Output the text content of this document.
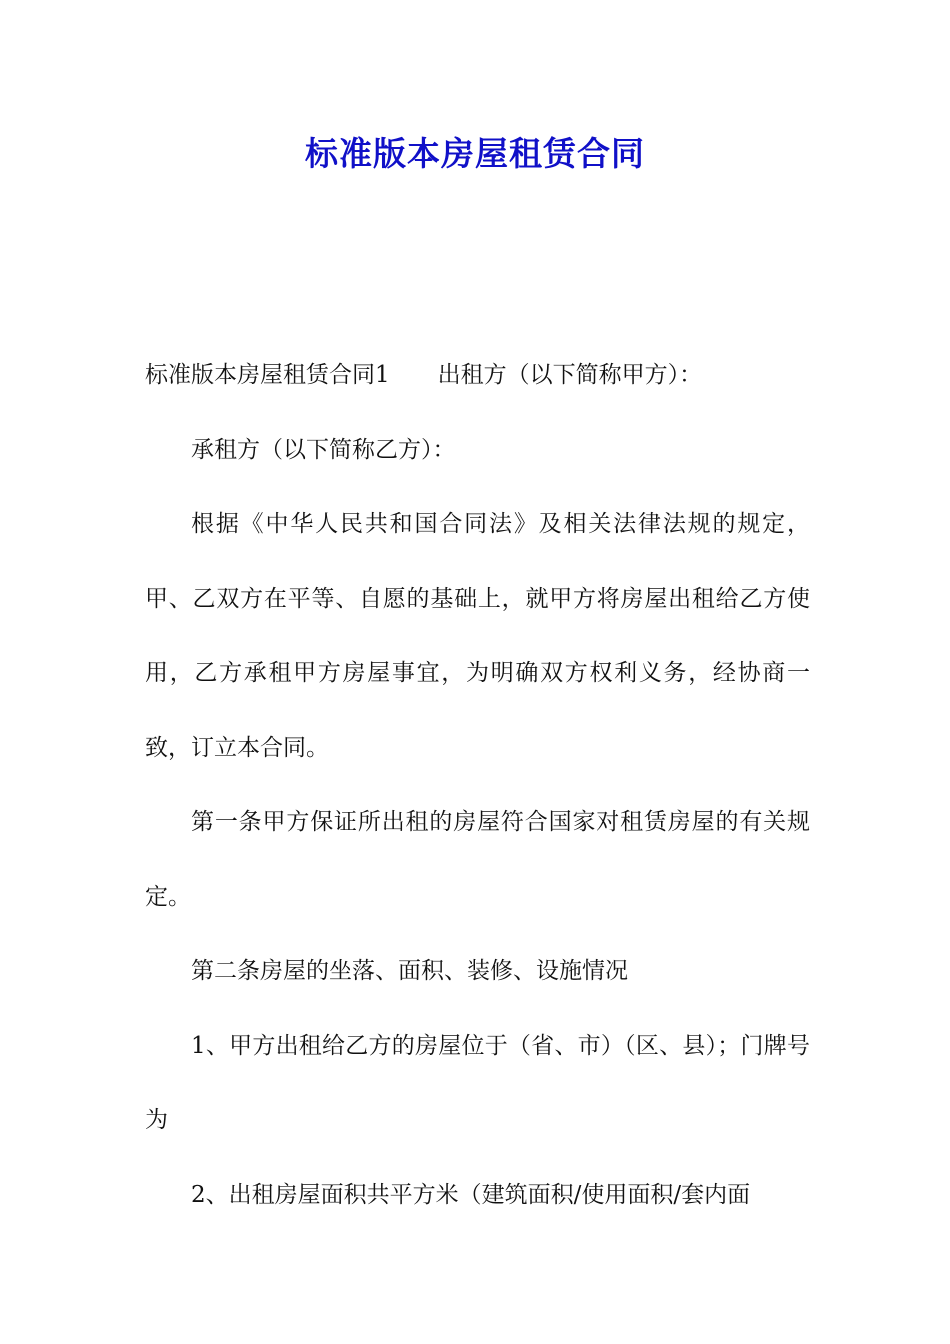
标准版本房屋租赁合同

标准版本房屋租赁合同1 出租方（以下简称甲方）：

承租方（以下简称乙方）：

根据《中华人民共和国合同法》及相关法律法规的规定，甲、乙双方在平等、自愿的基础上，就甲方将房屋出租给乙方使用，乙方承租甲方房屋事宜，为明确双方权利义务，经协商一致，订立本合同。

第一条甲方保证所出租的房屋符合国家对租赁房屋的有关规定。

第二条房屋的坐落、面积、装修、设施情况

1、甲方出租给乙方的房屋位于（省、市）（区、县）；门牌号为

2、出租房屋面积共平方米（建筑面积/使用面积/套内面
